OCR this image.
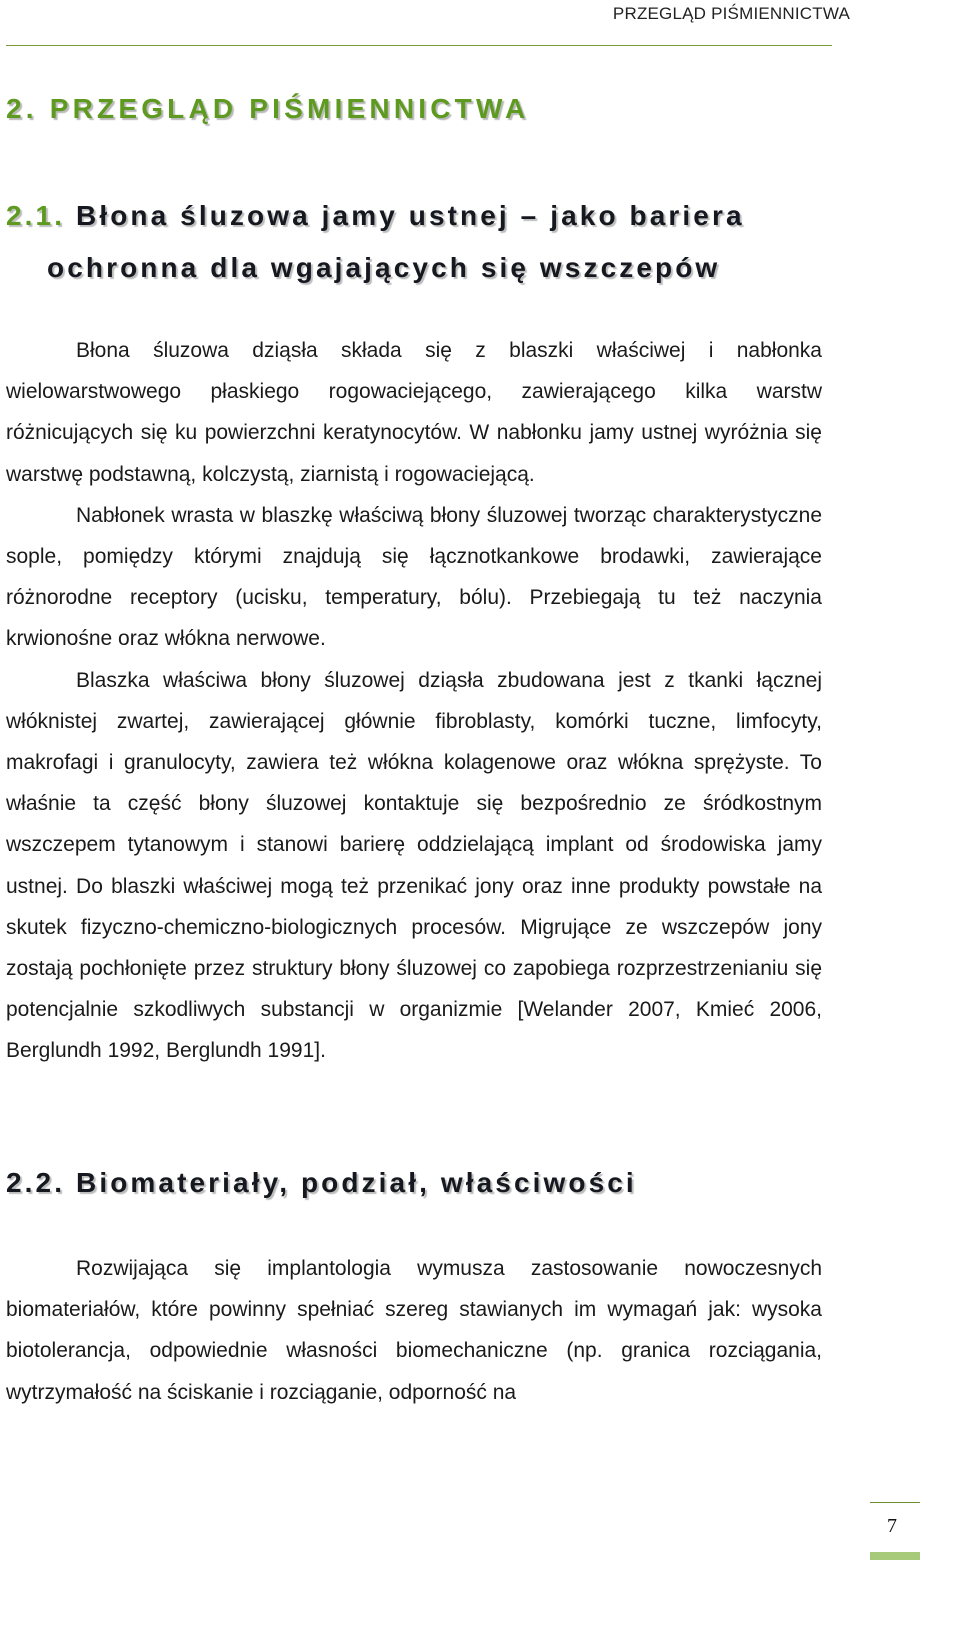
PRZEGLĄD PIŚMIENNICTWA
2. PRZEGLĄD PIŚMIENNICTWA
2.1. Błona śluzowa jamy ustnej – jako bariera
ochronna dla wgajających się wszczepów

Błona śluzowa dziąsła składa się z blaszki właściwej i nabłonka wielowarstwowego płaskiego rogowaciejącego, zawierającego kilka warstw różnicujących się ku powierzchni keratynocytów. W nabłonku jamy ustnej wyróżnia się warstwę podstawną, kolczystą, ziarnistą i rogowaciejącą.

Nabłonek wrasta w blaszkę właściwą błony śluzowej tworząc charakterystyczne sople, pomiędzy którymi znajdują się łącznotkankowe brodawki, zawierające różnorodne receptory (ucisku, temperatury, bólu). Przebiegają tu też naczynia krwionośne oraz włókna nerwowe.

Blaszka właściwa błony śluzowej dziąsła zbudowana jest z tkanki łącznej włóknistej zwartej, zawierającej głównie fibroblasty, komórki tuczne, limfocyty, makrofagi i granulocyty, zawiera też włókna kolagenowe oraz włókna sprężyste. To właśnie ta część błony śluzowej kontaktuje się bezpośrednio ze śródkostnym wszczepem tytanowym i stanowi barierę oddzielającą implant od środowiska jamy ustnej. Do blaszki właściwej mogą też przenikać jony oraz inne produkty powstałe na skutek fizyczno-chemiczno-biologicznych procesów. Migrujące ze wszczepów jony zostają pochłonięte przez struktury błony śluzowej co zapobiega rozprzestrzenianiu się potencjalnie szkodliwych substancji w organizmie [Welander 2007, Kmieć 2006, Berglundh 1992, Berglundh 1991].

2.2. Biomateriały, podział, właściwości

Rozwijająca się implantologia wymusza zastosowanie nowoczesnych biomateriałów, które powinny spełniać szereg stawianych im wymagań jak: wysoka biotolerancja, odpowiednie własności biomechaniczne (np. granica rozciągania, wytrzymałość na ściskanie i rozciąganie, odporność na

7
